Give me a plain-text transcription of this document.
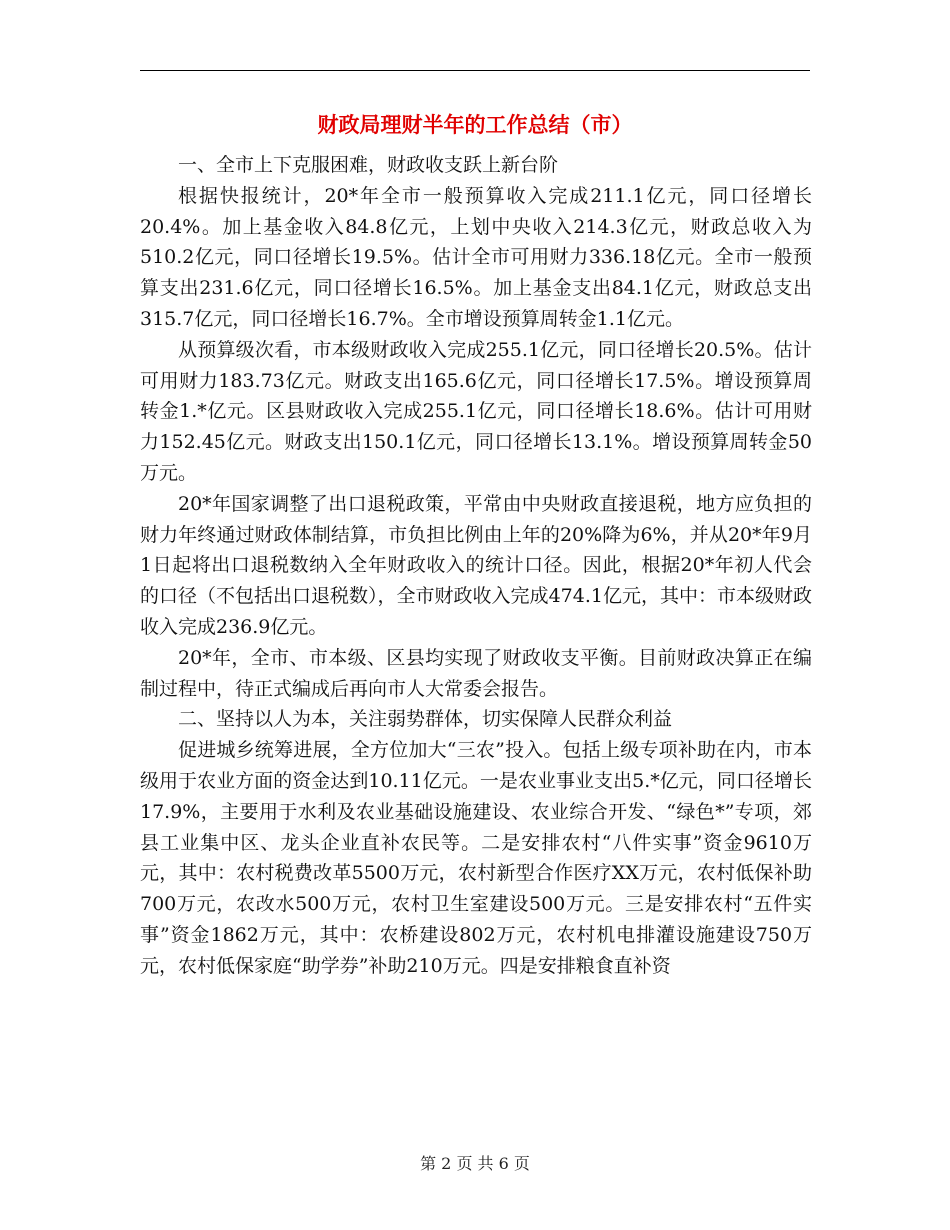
财政局理财半年的工作总结（市）

一、全市上下克服困难，财政收支跃上新台阶

根据快报统计，20*年全市一般预算收入完成211.1亿元，同口径增长20.4%。加上基金收入84.8亿元，上划中央收入214.3亿元，财政总收入为510.2亿元，同口径增长19.5%。估计全市可用财力336.18亿元。全市一般预算支出231.6亿元，同口径增长16.5%。加上基金支出84.1亿元，财政总支出315.7亿元，同口径增长16.7%。全市增设预算周转金1.1亿元。

从预算级次看，市本级财政收入完成255.1亿元，同口径增长20.5%。估计可用财力183.73亿元。财政支出165.6亿元，同口径增长17.5%。增设预算周转金1.*亿元。区县财政收入完成255.1亿元，同口径增长18.6%。估计可用财力152.45亿元。财政支出150.1亿元，同口径增长13.1%。增设预算周转金50万元。

20*年国家调整了出口退税政策，平常由中央财政直接退税，地方应负担的财力年终通过财政体制结算，市负担比例由上年的20%降为6%，并从20*年9月1日起将出口退税数纳入全年财政收入的统计口径。因此，根据20*年初人代会的口径（不包括出口退税数），全市财政收入完成474.1亿元，其中：市本级财政收入完成236.9亿元。

20*年，全市、市本级、区县均实现了财政收支平衡。目前财政决算正在编制过程中，待正式编成后再向市人大常委会报告。

二、坚持以人为本，关注弱势群体，切实保障人民群众利益

促进城乡统筹进展，全方位加大“三农”投入。包括上级专项补助在内，市本级用于农业方面的资金达到10.11亿元。一是农业事业支出5.*亿元，同口径增长17.9%，主要用于水利及农业基础设施建设、农业综合开发、“绿色*”专项，郊县工业集中区、龙头企业直补农民等。二是安排农村“八件实事”资金9610万元，其中：农村税费改革5500万元，农村新型合作医疗XX万元，农村低保补助700万元，农改水500万元，农村卫生室建设500万元。三是安排农村“五件实事”资金1862万元，其中：农桥建设802万元，农村机电排灌设施建设750万元，农村低保家庭“助学券”补助210万元。四是安排粮食直补资

第 2 页 共 6 页
